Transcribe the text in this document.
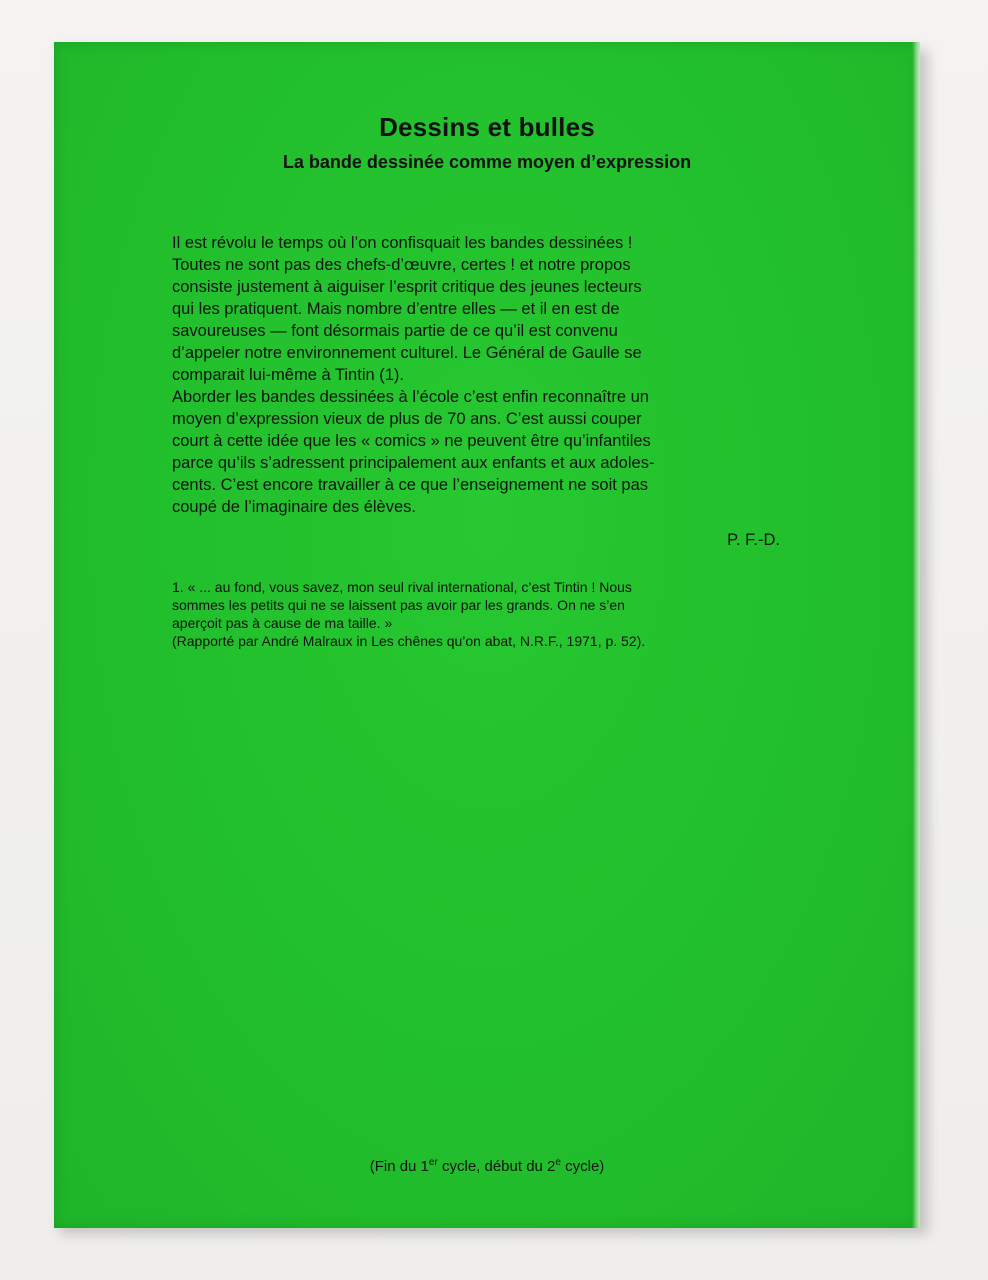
Dessins et bulles
La bande dessinée comme moyen d’expression
Il est révolu le temps où l’on confisquait les bandes dessinées !
Toutes ne sont pas des chefs-d’œuvre, certes ! et notre propos
consiste justement à aiguiser l’esprit critique des jeunes lecteurs
qui les pratiquent. Mais nombre d’entre elles — et il en est de
savoureuses — font désormais partie de ce qu’il est convenu
d’appeler notre environnement culturel. Le Général de Gaulle se
comparait lui-même à Tintin (1).
Aborder les bandes dessinées à l’école c’est enfin reconnaître un
moyen d’expression vieux de plus de 70 ans. C’est aussi couper
court à cette idée que les « comics » ne peuvent être qu’infantiles
parce qu’ils s’adressent principalement aux enfants et aux adoles-
cents. C’est encore travailler à ce que l’enseignement ne soit pas
coupé de l’imaginaire des élèves.
P. F.-D.
1. « ... au fond, vous savez, mon seul rival international, c’est Tintin ! Nous
sommes les petits qui ne se laissent pas avoir par les grands. On ne s’en
aperçoit pas à cause de ma taille. »
(Rapporté par André Malraux in Les chênes qu’on abat, N.R.F., 1971, p. 52).
(Fin du 1er cycle, début du 2e cycle)
